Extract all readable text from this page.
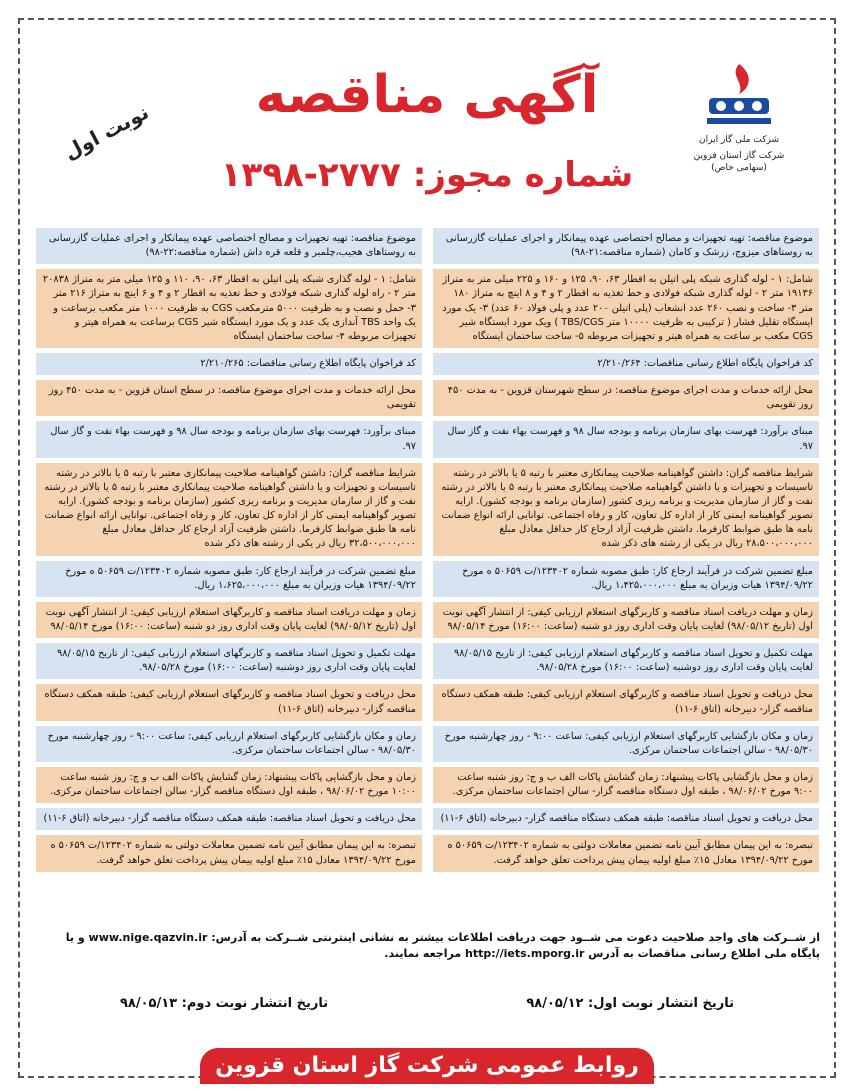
نوبت اول
آگهی مناقصه
شماره مجوز: ۲۷۷۷-۱۳۹۸
شرکت ملی گاز ایران
شرکت گاز استان قزوین (سهامی خاص)
موضوع مناقصه: تهیه تجهیزات و مصالح اختصاصی عهده پیمانکار و اجرای عملیات گازرسانی به روستاهای میزوج، زرشک و کامان (شماره مناقصه:۲۱-۹۸)
شامل: ۱ - لوله گذاری شبکه پلی اتیلن به اقطار ۶۳، ۹۰، ۱۲۵ و ۱۶۰ و ۲۲۵ میلی متر به متراژ ۱۹۱۳۶ متر ۲ - لوله گذاری شبکه فولادی و خط تغذیه به اقطار ۲ و ۴ و ۸ اینچ به متراژ ۱۸۰ متر ۳- ساخت و نصب ۲۶۰ عدد انشعاب (پلی اتیلن ۲۰۰ عدد و پلی فولاد ۶۰ عدد) ۳- یک مورد ایستگاه تقلیل فشار ( ترکیبی به ظرفیت ۱۰۰۰۰ متر TBS/CGS ) ویک مورد ایستگاه شیر CGS مکعب بر ساعت به همراه هیتر و تجهیزات مربوطه ۵- ساخت ساختمان ایستگاه
کد فراخوان پایگاه اطلاع رسانی مناقصات: ۲/۲۱۰/۲۶۴
محل ارائه خدمات و مدت اجرای موضوع مناقصه: در سطح شهرستان قزوین - به مدت ۴۵۰ روز تقویمی
مبنای برآورد: فهرست بهای سازمان برنامه و بودجه سال ۹۸ و فهرست بهاء نفت و گاز سال ۹۷.
شرایط مناقصه گران: داشتن گواهینامه صلاحیت پیمانکاری معتبر با رتبه ۵ یا بالاتر در رشته تاسیسات و تجهیزات و یا داشتن گواهینامه صلاحیت پیمانکاری معتبر با رتبه ۵ یا بالاتر در رشته نفت و گاز از سازمان مدیریت و برنامه ریزی کشور (سازمان برنامه و بودجه کشور). ارایه تصویر گواهینامه ایمنی کار از اداره کل تعاون، کار و رفاه اجتماعی. توانایی ارائه انواع ضمانت نامه ها طبق ضوابط کارفرما. داشتن ظرفیت آزاد ارجاع کار حداقل معادل مبلغ ۲۸،۵۰۰،۰۰۰،۰۰۰ ریال در یکی از رشته های ذکر شده
مبلغ تضمین شرکت در فرآیند ارجاع کار: طبق مصوبه شماره ۱۲۳۴۰۲/ت ۵۰۶۵۹ ه مورخ ۱۳۹۴/۰۹/۲۲ هیات وزیران به مبلغ ۱،۴۲۵،۰۰۰،۰۰۰ ریال.
زمان و مهلت دریافت اسناد مناقصه و کاربرگهای استعلام ارزیابی کیفی: از انتشار آگهی نوبت اول (تاریخ ۹۸/۰۵/۱۲) لغایت پایان وقت اداری روز دو شنبه (ساعت: ۱۶:۰۰) مورخ ۹۸/۰۵/۱۴
مهلت تکمیل و تحویل اسناد مناقصه و کاربرگهای استعلام ارزیابی کیفی: از تاریخ ۹۸/۰۵/۱۵ لغایت پایان وقت اداری روز دوشنبه (ساعت: ۱۶:۰۰) مورخ ۹۸/۰۵/۲۸.
محل دریافت و تحویل اسناد مناقصه و کاربرگهای استعلام ارزیابی کیفی: طبقه همکف دستگاه مناقصه گزار- دبیرخانه (اتاق ۶-۱۱)
زمان و مکان بازگشایی کاربرگهای استعلام ارزیابی کیفی: ساعت ۹:۰۰ - روز چهارشنبه مورخ ۹۸/۰۵/۳۰ - سالن اجتماعات ساختمان مرکزی.
زمان و محل بازگشایی پاکات پیشنهاد: زمان گشایش پاکات الف ب و ج: روز شنبه ساعت ۹:۰۰ مورخ ۹۸/۰۶/۰۲ ، طبقه اول دستگاه مناقصه گزار- سالن اجتماعات ساختمان مرکزی.
محل دریافت و تحویل اسناد مناقصه: طبقه همکف دستگاه مناقصه گزار- دبیرخانه (اتاق ۶-۱۱)
تبصره: به این پیمان مطابق آیین نامه تضمین معاملات دولتی به شماره ۱۲۳۴۰۲/ت ۵۰۶۵۹ ه مورخ ۱۳۹۴/۰۹/۲۲ معادل ۱۵٪ مبلغ اولیه پیمان پیش پرداخت تعلق خواهد گرفت.
موضوع مناقصه: تهیه تجهیزات و مصالح اختصاصی عهده پیمانکار و اجرای عملیات گازرسانی به روستاهای هجیب،چلمبر و قلعه قره داش (شماره مناقصه:۲۲-۹۸)
شامل: ۱ - لوله گذاری شبکه پلی اتیلن به اقطار ۶۳، ۹۰، ۱۱۰ و ۱۲۵ میلی متر به متراژ ۲۰۸۳۸ متر ۲ - راه لوله گذاری شبکه فولادی و خط تغذیه به اقطار ۲ و ۴ و ۶ اینچ به متراژ ۲۱۶ متر ۳- حمل و نصب و به ظرفیت ۵۰۰۰ مترمکعب CGS به ظرفیت ۱۰۰۰ متر مکعب برساعت و یک واحد TBS آندازی یک عدد و یک مورد ایستگاه شیر CGS برساعت به همراه هیتر و تجهیزات مربوطه ۴- ساخت ساختمان ایستگاه
کد فراخوان پایگاه اطلاع رسانی مناقصات: ۲/۲۱۰/۲۶۵
محل ارائه خدمات و مدت اجرای موضوع مناقصه: در سطح استان قزوین - به مدت ۴۵۰ روز تقویمی
مبنای برآورد: فهرست بهای سازمان برنامه و بودجه سال ۹۸ و فهرست بهاء نفت و گاز سال ۹۷.
شرایط مناقصه گران: داشتن گواهینامه صلاحیت پیمانکاری معتبر با رتبه ۵ یا بالاتر در رشته تاسیسات و تجهیزات و یا داشتن گواهینامه صلاحیت پیمانکاری معتبر با رتبه ۵ یا بالاتر در رشته نفت و گاز از سازمان مدیریت و برنامه ریزی کشور (سازمان برنامه و بودجه کشور). ارایه تصویر گواهینامه ایمنی کار از اداره کل تعاون، کار و رفاه اجتماعی. توانایی ارائه انواع ضمانت نامه ها طبق ضوابط کارفرما. داشتن ظرفیت آزاد ارجاع کار حداقل معادل مبلغ ۳۲،۵۰۰،۰۰۰،۰۰۰ ریال در یکی از رشته های ذکر شده
مبلغ تضمین شرکت در فرآیند ارجاع کار: طبق مصوبه شماره ۱۲۳۴۰۲/ت ۵۰۶۵۹ ه مورخ ۱۳۹۴/۰۹/۲۲ هیات وزیران به مبلغ ۱،۶۲۵،۰۰۰،۰۰۰ ریال.
زمان و مهلت دریافت اسناد مناقصه و کاربرگهای استعلام ارزیابی کیفی: از انتشار آگهی نوبت اول (تاریخ ۹۸/۰۵/۱۲) لغایت پایان وقت اداری روز دو شنبه (ساعت: ۱۶:۰۰) مورخ ۹۸/۰۵/۱۴
مهلت تکمیل و تحویل اسناد مناقصه و کاربرگهای استعلام ارزیابی کیفی: از تاریخ ۹۸/۰۵/۱۵ لغایت پایان وقت اداری روز دوشنبه (ساعت: ۱۶:۰۰) مورخ ۹۸/۰۵/۲۸.
محل دریافت و تحویل اسناد مناقصه و کاربرگهای استعلام ارزیابی کیفی: طبقه همکف دستگاه مناقصه گزار- دبیرخانه (اتاق ۶-۱۱)
زمان و مکان بازگشایی کاربرگهای استعلام ارزیابی کیفی: ساعت ۹:۰۰ - روز چهارشنبه مورخ ۹۸/۰۵/۳۰ - سالن اجتماعات ساختمان مرکزی.
زمان و محل بازگشایی پاکات پیشنهاد: زمان گشایش پاکات الف ب و ج: روز شنبه ساعت ۱۰:۰۰ مورخ ۹۸/۰۶/۰۲ ، طبقه اول دستگاه مناقصه گزار- سالن اجتماعات ساختمان مرکزی.
محل دریافت و تحویل اسناد مناقصه: طبقه همکف دستگاه مناقصه گزار- دبیرخانه (اتاق ۶-۱۱)
تبصره: به این پیمان مطابق آیین نامه تضمین معاملات دولتی به شماره ۱۲۳۴۰۲/ت ۵۰۶۵۹ ه مورخ ۱۳۹۴/۰۹/۲۲ معادل ۱۵٪ مبلغ اولیه پیمان پیش پرداخت تعلق خواهد گرفت.
از شــرکت های واجد صلاحیت دعوت می شــود جهت دریافت اطلاعات بیشتر به نشانی اینترنتی شــرکت به آدرس: www.nige.qazvin.ir و یا پایگاه ملی اطلاع رسانی مناقصات به آدرس http://iets.mporg.ir مراجعه نمایند.
تاریخ انتشار نوبت اول: ۹۸/۰۵/۱۲
تاریخ انتشار نوبت دوم: ۹۸/۰۵/۱۳
روابط عمومی شرکت گاز استان قزوین
